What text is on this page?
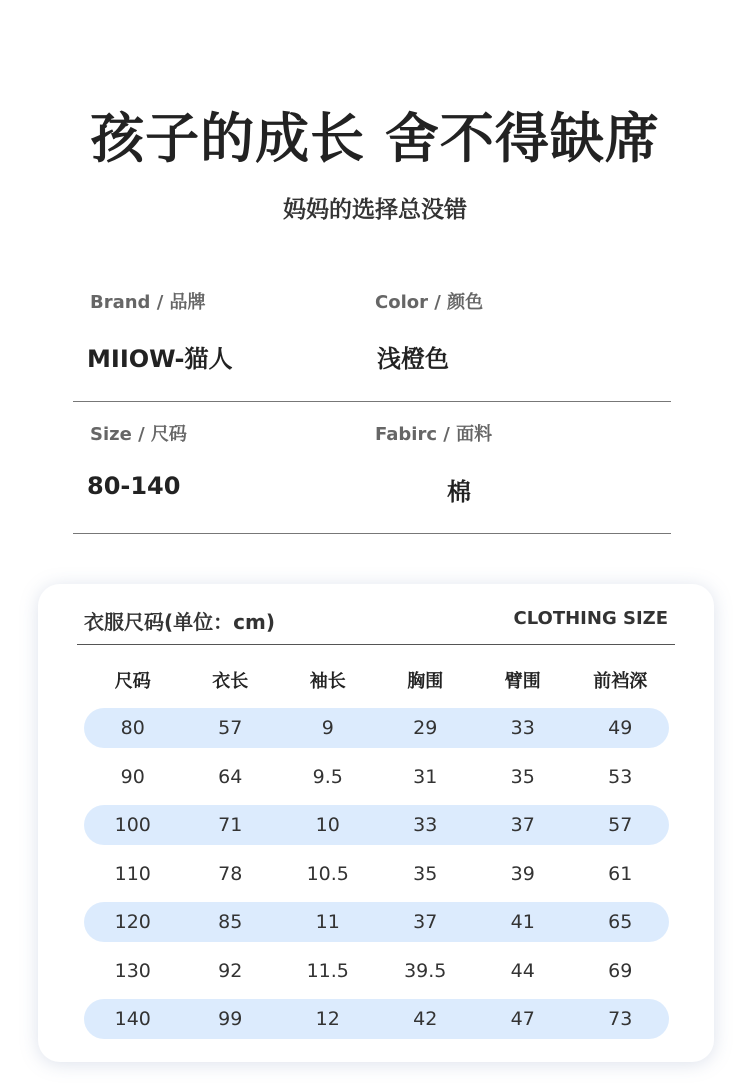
孩子的成长 舍不得缺席
妈妈的选择总没错
Brand / 品牌
MIIOW-猫人
Color / 颜色
浅橙色
Size / 尺码
80-140
Fabirc / 面料
棉
衣服尺码(单位：cm)	CLOTHING SIZE
尺码	衣长	袖长	胸围	臂围	前裆深
80	57	9	29	33	49
90	64	9.5	31	35	53
100	71	10	33	37	57
110	78	10.5	35	39	61
120	85	11	37	41	65
130	92	11.5	39.5	44	69
140	99	12	42	47	73
